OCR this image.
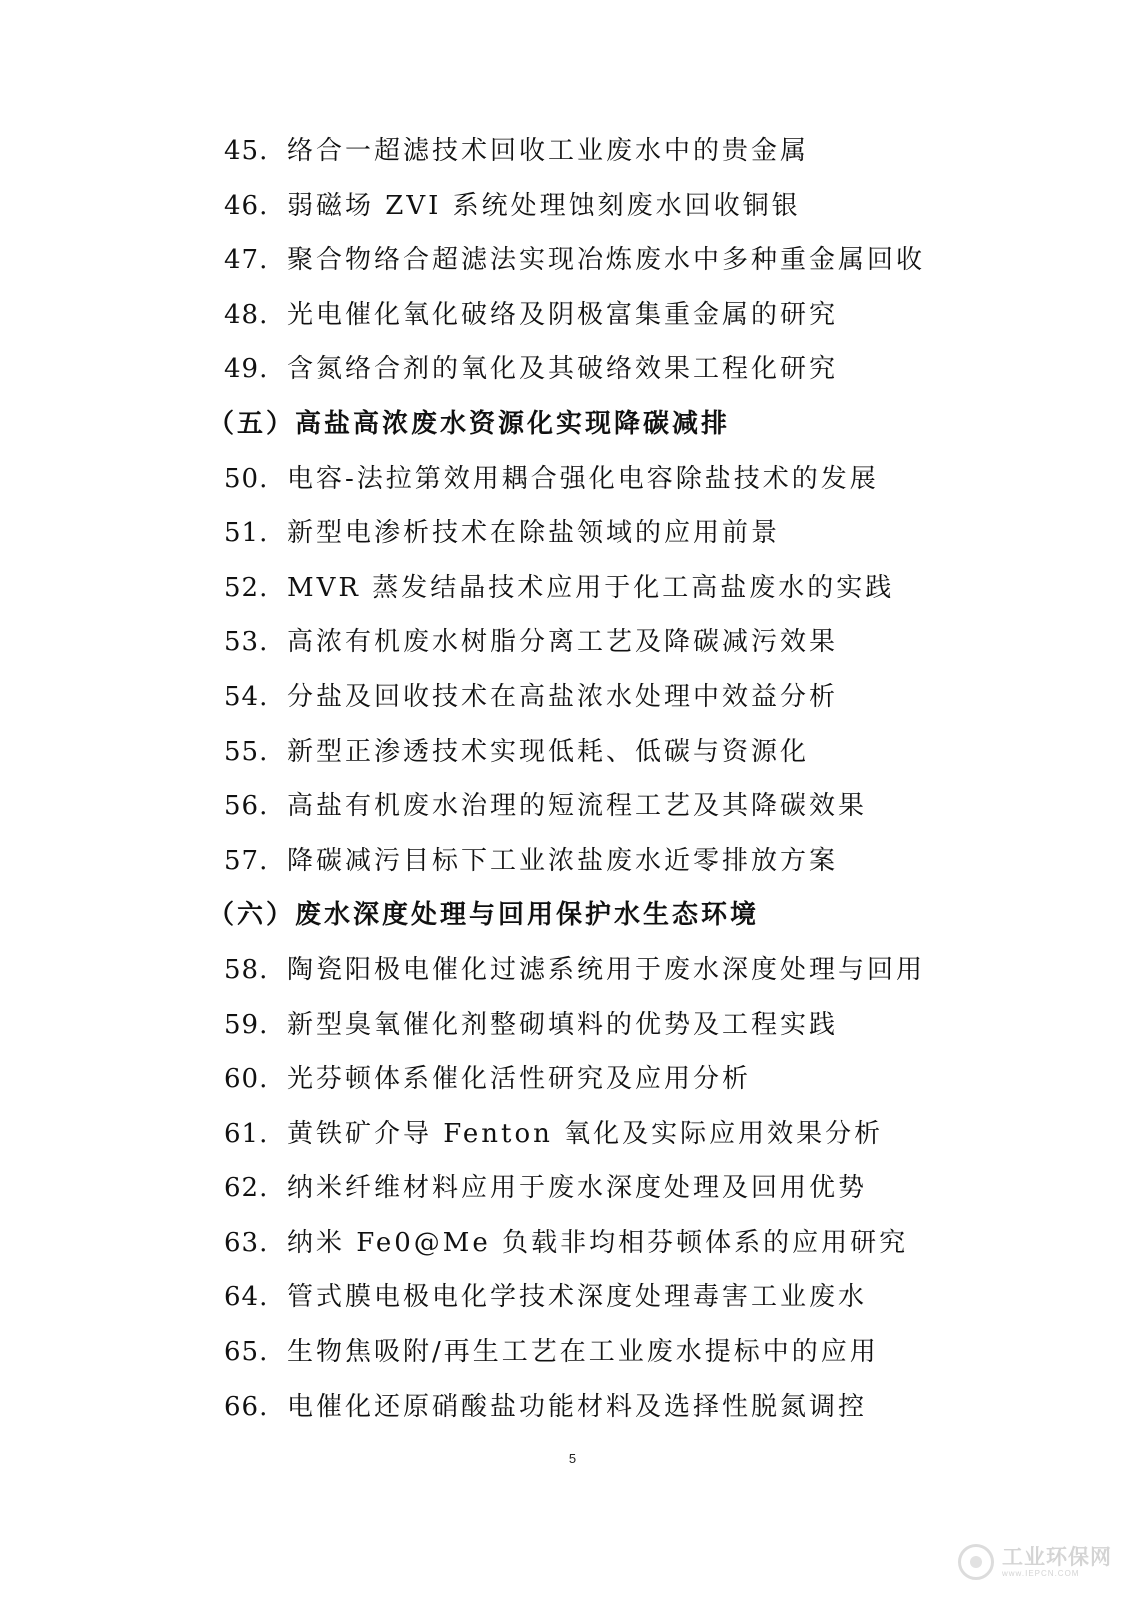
45. 络合一超滤技术回收工业废水中的贵金属
46. 弱磁场 ZVI 系统处理蚀刻废水回收铜银
47. 聚合物络合超滤法实现冶炼废水中多种重金属回收
48. 光电催化氧化破络及阴极富集重金属的研究
49. 含氮络合剂的氧化及其破络效果工程化研究
（五）高盐高浓废水资源化实现降碳减排
50. 电容-法拉第效用耦合强化电容除盐技术的发展
51. 新型电渗析技术在除盐领域的应用前景
52. MVR 蒸发结晶技术应用于化工高盐废水的实践
53. 高浓有机废水树脂分离工艺及降碳减污效果
54. 分盐及回收技术在高盐浓水处理中效益分析
55. 新型正渗透技术实现低耗、低碳与资源化
56. 高盐有机废水治理的短流程工艺及其降碳效果
57. 降碳减污目标下工业浓盐废水近零排放方案
（六）废水深度处理与回用保护水生态环境
58. 陶瓷阳极电催化过滤系统用于废水深度处理与回用
59. 新型臭氧催化剂整砌填料的优势及工程实践
60. 光芬顿体系催化活性研究及应用分析
61. 黄铁矿介导 Fenton 氧化及实际应用效果分析
62. 纳米纤维材料应用于废水深度处理及回用优势
63. 纳米 Fe0@Me 负载非均相芬顿体系的应用研究
64. 管式膜电极电化学技术深度处理毒害工业废水
65. 生物焦吸附/再生工艺在工业废水提标中的应用
66. 电催化还原硝酸盐功能材料及选择性脱氮调控
5
工业环保网
www.IEPCN.COM
